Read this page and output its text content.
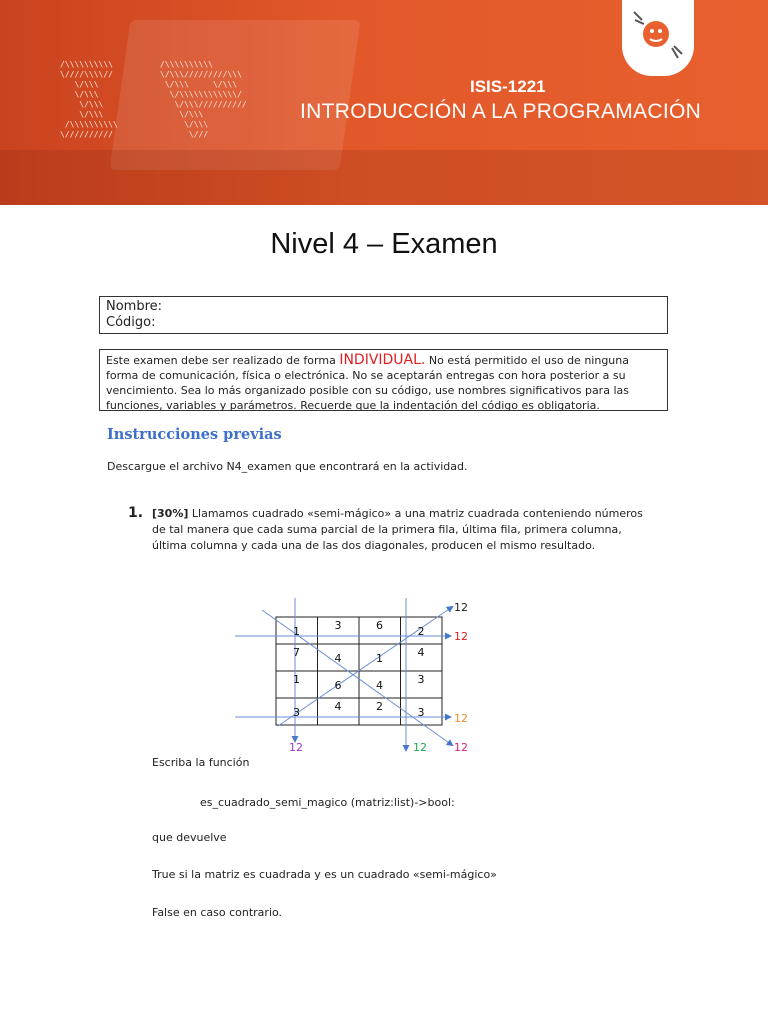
/\\\\\\\\\\
\////\\\\//
\/\\\
\/\\\
\/\\\
\/\\\
/\\\\\\\\\\
\//////////
/\\\\\\\\\\
\/\\\/////////\\\
\/\\\     \/\\\
\/\\\\\\\\\\\\/
\/\\\//////////
\/\\\
\/\\\
\///
ISIS-1221
INTRODUCCIÓN A LA PROGRAMACIÓN
Nivel 4 – Examen
Nombre:
Código:
Este examen debe ser realizado de forma INDIVIDUAL. No está permitido el uso de ninguna forma de comunicación, física o electrónica. No se aceptarán entregas con hora posterior a su vencimiento. Sea lo más organizado posible con su código, use nombres significativos para las funciones, variables y parámetros. Recuerde que la indentación del código es obligatoria.
Instrucciones previas
Descargue el archivo N4_examen que encontrará en la actividad.
1. [30%] Llamamos cuadrado «semi-mágico» a una matriz cuadrada conteniendo números de tal manera que cada suma parcial de la primera fila, última fila, primera columna, última columna y cada una de las dos diagonales, producen el mismo resultado.
1	3	6	2
7	4	1	4
1	6	4	3
3	4	2	3
12
12
12
12
12	12
Escriba la función
es_cuadrado_semi_magico (matriz:list)->bool:
que devuelve
True si la matriz es cuadrada y es un cuadrado «semi-mágico»
False en caso contrario.
